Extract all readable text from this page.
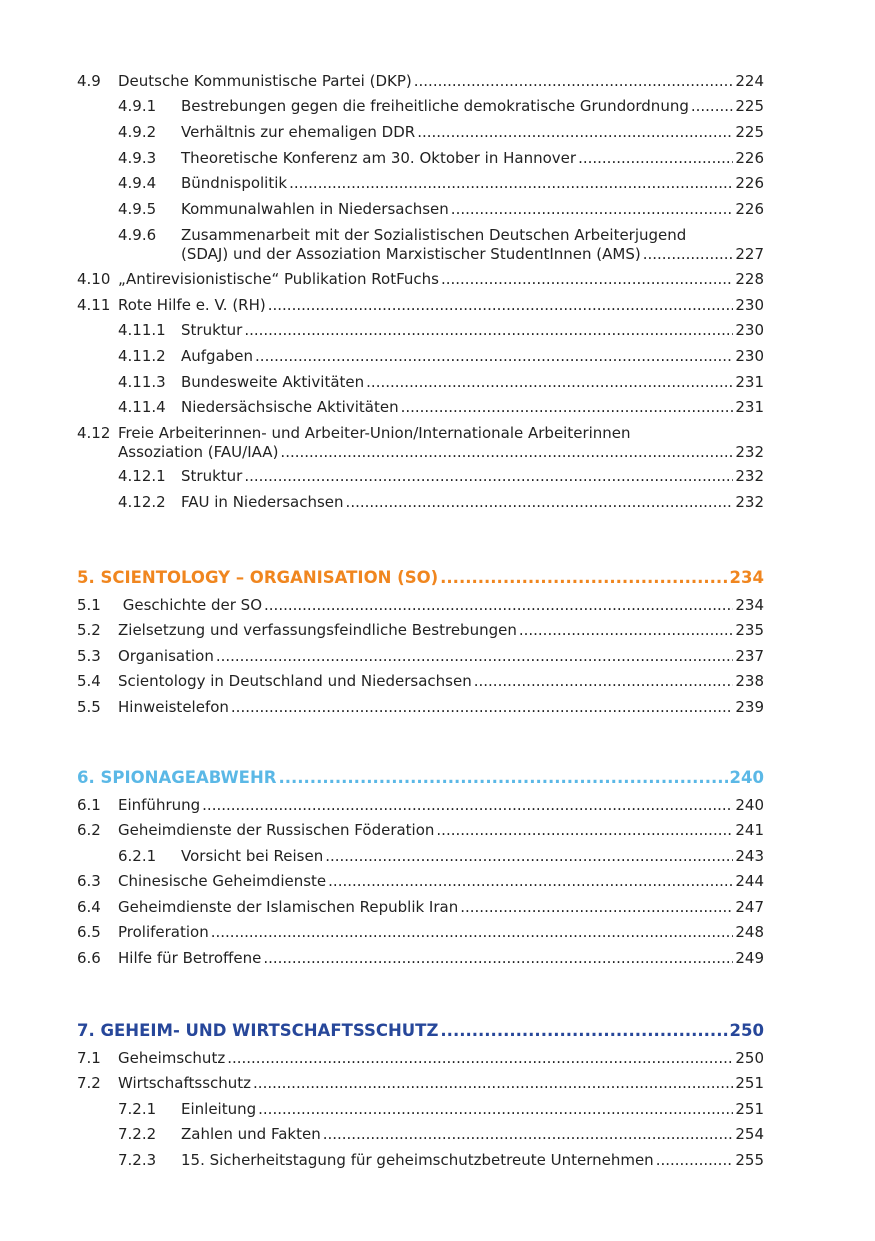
4.9 Deutsche Kommunistische Partei (DKP) .....	224
4.9.1 Bestrebungen gegen die freiheitliche demokratische Grundordnung .....	225
4.9.2 Verhältnis zur ehemaligen DDR .....	225
4.9.3 Theoretische Konferenz am 30. Oktober in Hannover .....	226
4.9.4 Bündnispolitik .....	226
4.9.5 Kommunalwahlen in Niedersachsen .....	226
4.9.6 Zusammenarbeit mit der Sozialistischen Deutschen Arbeiterjugend
(SDAJ) und der Assoziation Marxistischer StudentInnen (AMS) .....	227
4.10 „Antirevisionistische“ Publikation RotFuchs .....	228
4.11 Rote Hilfe e. V. (RH) .....	230
4.11.1 Struktur .....	230
4.11.2 Aufgaben .....	230
4.11.3 Bundesweite Aktivitäten .....	231
4.11.4 Niedersächsische Aktivitäten .....	231
4.12 Freie Arbeiterinnen- und Arbeiter-Union/Internationale Arbeiterinnen
Assoziation (FAU/IAA) .....	232
4.12.1 Struktur .....	232
4.12.2 FAU in Niedersachsen .....	232
5. SCIENTOLOGY – ORGANISATION (SO) .....	234
5.1 Geschichte der SO .....	234
5.2 Zielsetzung und verfassungsfeindliche Bestrebungen .....	235
5.3 Organisation .....	237
5.4 Scientology in Deutschland und Niedersachsen .....	238
5.5 Hinweistelefon .....	239
6. SPIONAGEABWEHR .....	240
6.1 Einführung .....	240
6.2 Geheimdienste der Russischen Föderation .....	241
6.2.1 Vorsicht bei Reisen .....	243
6.3 Chinesische Geheimdienste .....	244
6.4 Geheimdienste der Islamischen Republik Iran .....	247
6.5 Proliferation .....	248
6.6 Hilfe für Betroffene .....	249
7. GEHEIM- UND WIRTSCHAFTSSCHUTZ .....	250
7.1 Geheimschutz .....	250
7.2 Wirtschaftsschutz .....	251
7.2.1 Einleitung .....	251
7.2.2 Zahlen und Fakten .....	254
7.2.3 15. Sicherheitstagung für geheimschutzbetreute Unternehmen .....	255
